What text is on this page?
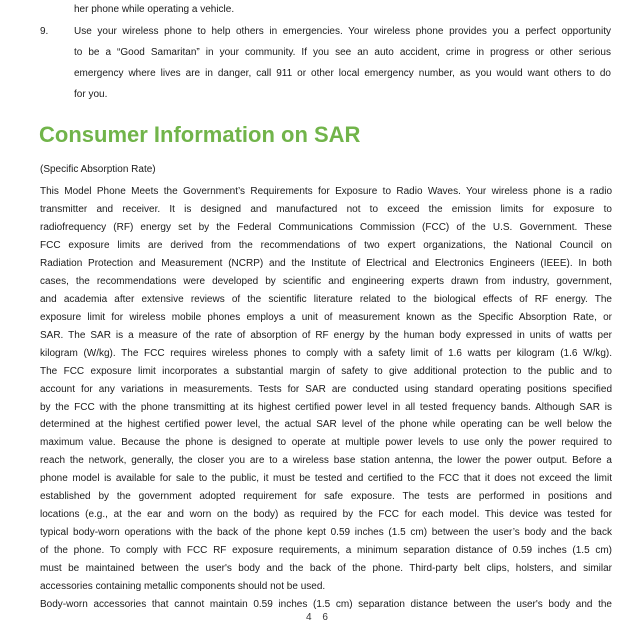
her phone while operating a vehicle.
9.	Use your wireless phone to help others in emergencies. Your wireless phone provides you a perfect opportunity
to be a “Good Samaritan” in your community. If you see an auto accident, crime in progress or other serious
emergency where lives are in danger, call 911 or other local emergency number, as you would want others to do
for you.
Consumer Information on SAR
(Specific Absorption Rate)
This Model Phone Meets the Government’s Requirements for Exposure to Radio Waves. Your wireless phone is a radio
transmitter and receiver. It is designed and manufactured not to exceed the emission limits for exposure to
radiofrequency (RF) energy set by the Federal Communications Commission (FCC) of the U.S. Government. These
FCC exposure limits are derived from the recommendations of two expert organizations, the National Council on
Radiation Protection and Measurement (NCRP) and the Institute of Electrical and Electronics Engineers (IEEE). In both
cases, the recommendations were developed by scientific and engineering experts drawn from industry, government,
and academia after extensive reviews of the scientific literature related to the biological effects of RF energy. The
exposure limit for wireless mobile phones employs a unit of measurement known as the Specific Absorption Rate, or
SAR. The SAR is a measure of the rate of absorption of RF energy by the human body expressed in units of watts per
kilogram (W/kg). The FCC requires wireless phones to comply with a safety limit of 1.6 watts per kilogram (1.6 W/kg).
The FCC exposure limit incorporates a substantial margin of safety to give additional protection to the public and to
account for any variations in measurements. Tests for SAR are conducted using standard operating positions specified
by the FCC with the phone transmitting at its highest certified power level in all tested frequency bands. Although SAR is
determined at the highest certified power level, the actual SAR level of the phone while operating can be well below the
maximum value. Because the phone is designed to operate at multiple power levels to use only the power required to
reach the network, generally, the closer you are to a wireless base station antenna, the lower the power output. Before a
phone model is available for sale to the public, it must be tested and certified to the FCC that it does not exceed the limit
established by the government adopted requirement for safe exposure. The tests are performed in positions and
locations (e.g., at the ear and worn on the body) as required by the FCC for each model. This device was tested for
typical body-worn operations with the back of the phone kept 0.59 inches (1.5 cm) between the user’s body and the back
of the phone. To comply with FCC RF exposure requirements, a minimum separation distance of 0.59 inches (1.5 cm)
must be maintained between the user's body and the back of the phone. Third-party belt clips, holsters, and similar
accessories containing metallic components should not be used.
Body-worn accessories that cannot maintain 0.59 inches (1.5 cm) separation distance between the user's body and the
4 6
